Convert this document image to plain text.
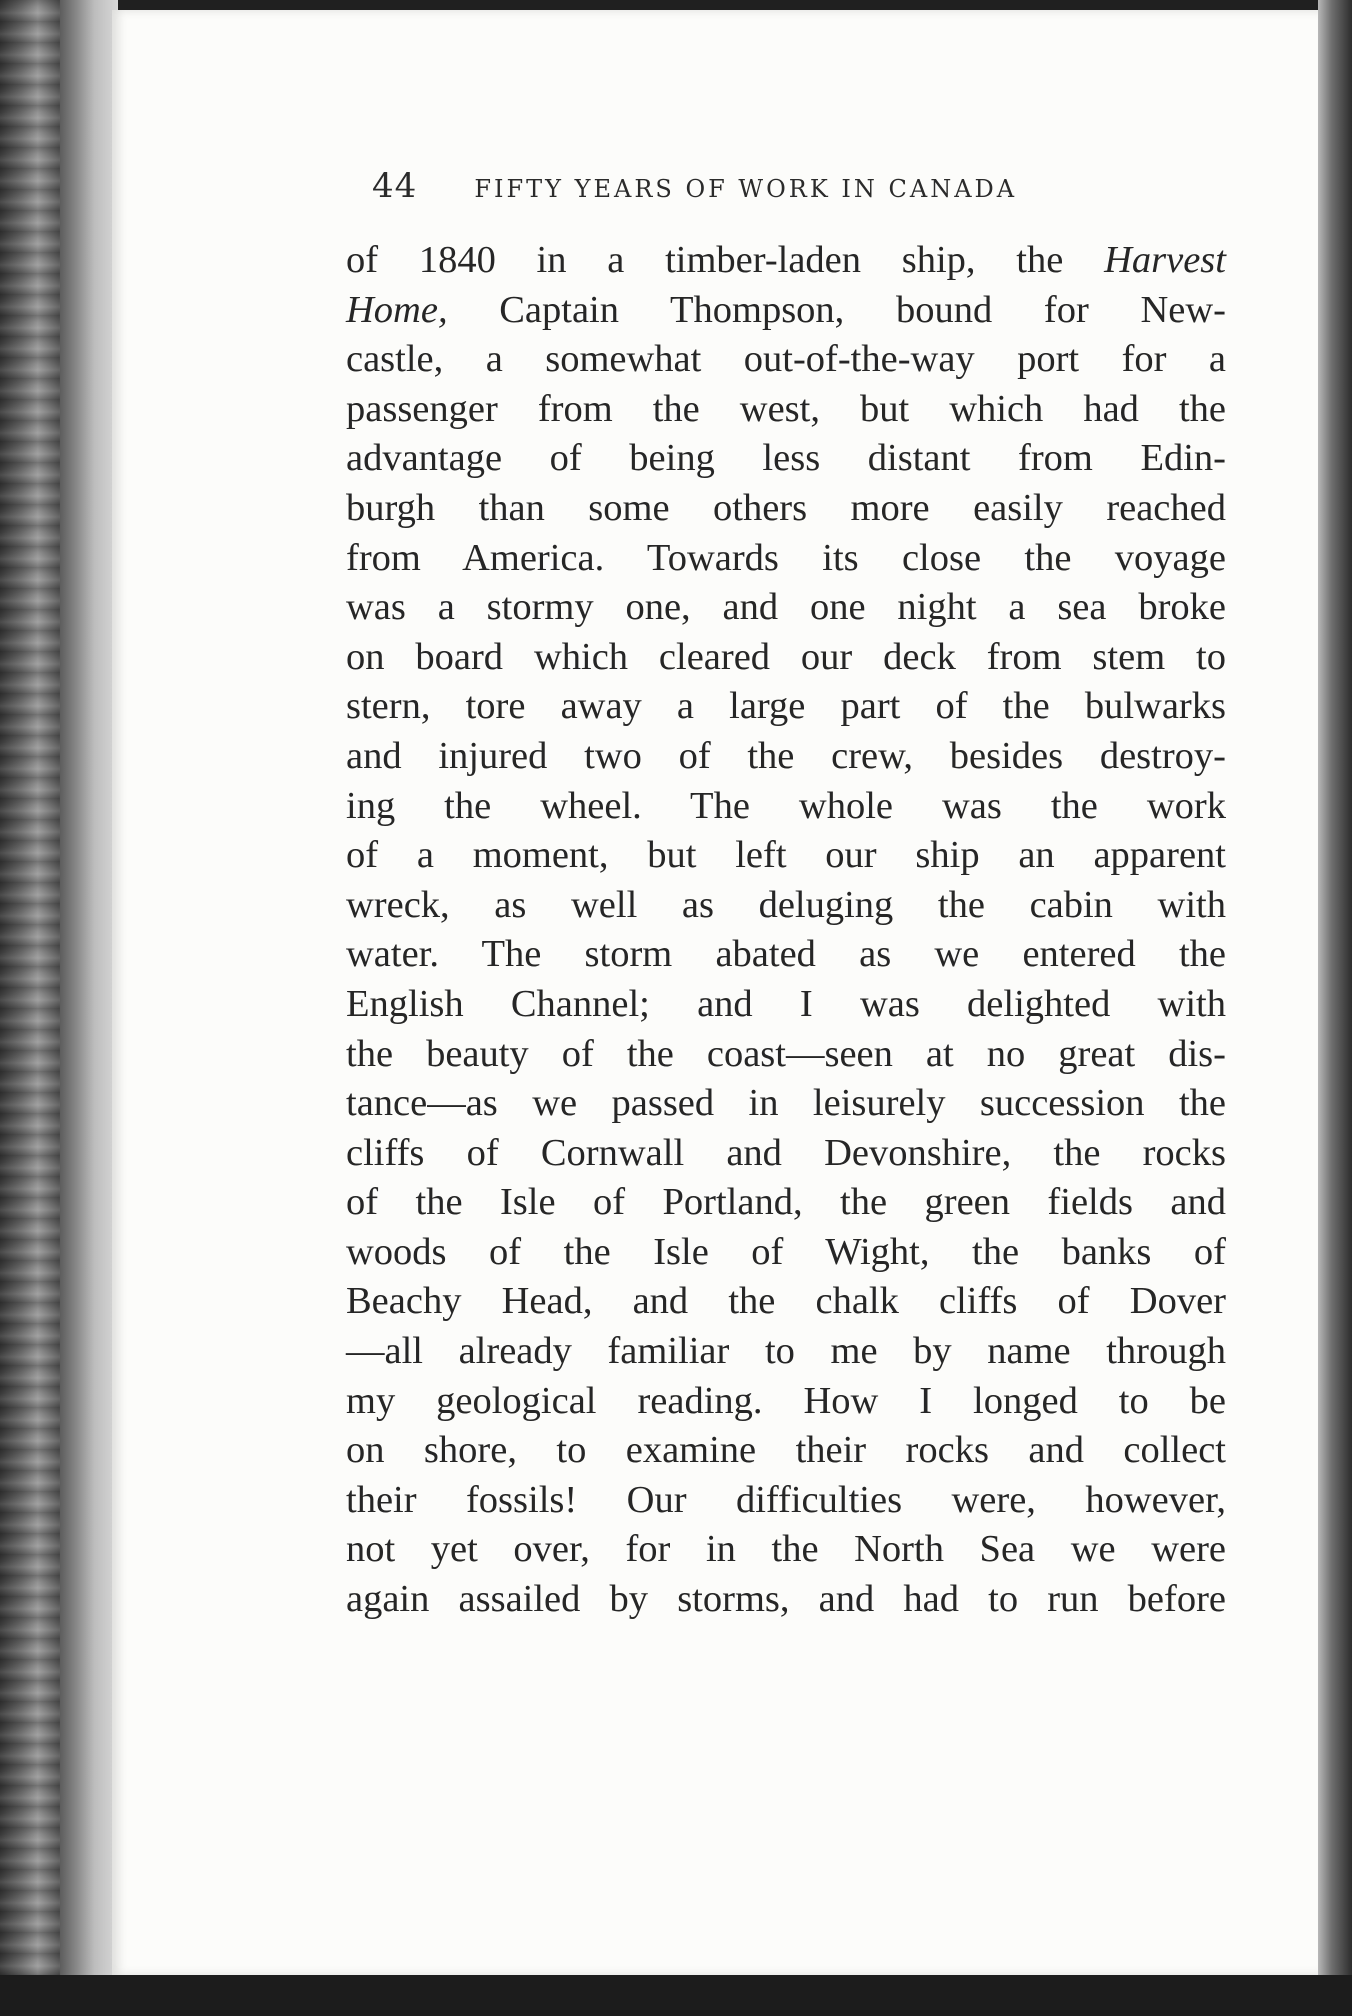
44 FIFTY YEARS OF WORK IN CANADA
of 1840 in a timber-laden ship, the Harvest
Home, Captain Thompson, bound for New-
castle, a somewhat out-of-the-way port for a
passenger from the west, but which had the
advantage of being less distant from Edin-
burgh than some others more easily reached
from America. Towards its close the voyage
was a stormy one, and one night a sea broke
on board which cleared our deck from stem to
stern, tore away a large part of the bulwarks
and injured two of the crew, besides destroy-
ing the wheel. The whole was the work
of a moment, but left our ship an apparent
wreck, as well as deluging the cabin with
water. The storm abated as we entered the
English Channel; and I was delighted with
the beauty of the coast—seen at no great dis-
tance—as we passed in leisurely succession the
cliffs of Cornwall and Devonshire, the rocks
of the Isle of Portland, the green fields and
woods of the Isle of Wight, the banks of
Beachy Head, and the chalk cliffs of Dover
—all already familiar to me by name through
my geological reading. How I longed to be
on shore, to examine their rocks and collect
their fossils! Our difficulties were, however,
not yet over, for in the North Sea we were
again assailed by storms, and had to run before
